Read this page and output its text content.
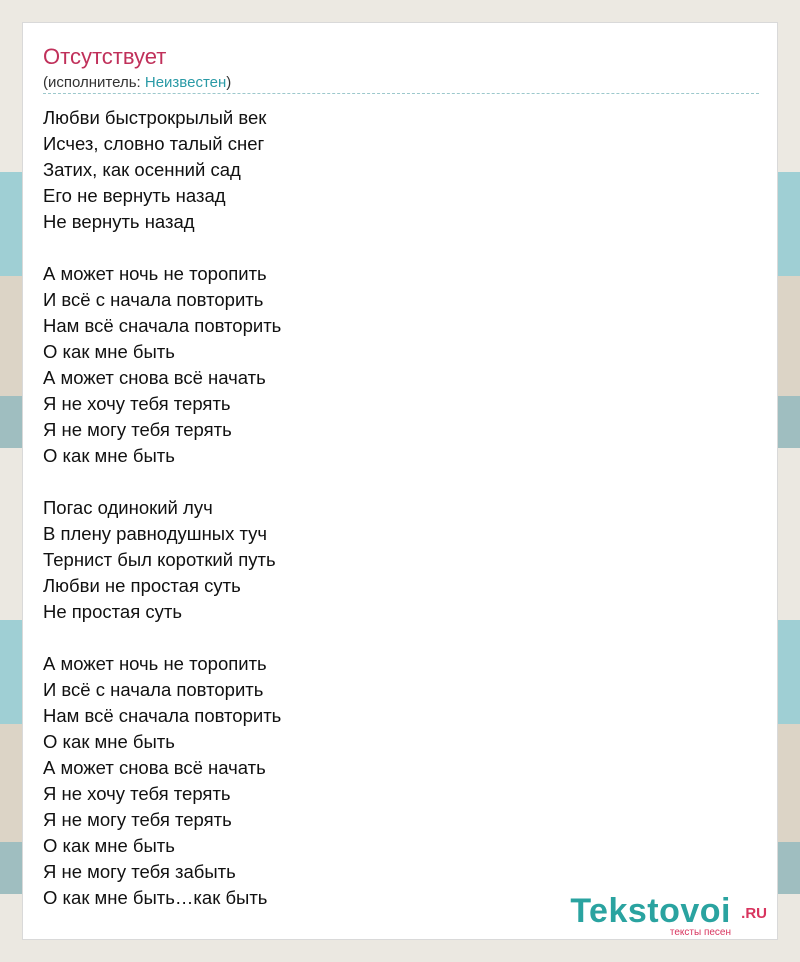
Отсутствует
(исполнитель: Неизвестен)
Любви быстрокрылый век
Исчез, словно талый снег
Затих, как осенний сад
Его не вернуть назад
Не вернуть назад
А может ночь не торопить
И всё с начала повторить
Нам всё сначала повторить
О как мне быть
А может снова всё начать
Я не хочу тебя терять
Я не могу тебя терять
О как мне быть
Погас одинокий луч
В плену равнодушных туч
Тернист был короткий путь
Любви не простая суть
Не простая суть
А может ночь не торопить
И всё с начала повторить
Нам всё сначала повторить
О как мне быть
А может снова всё начать
Я не хочу тебя терять
Я не могу тебя терять
О как мне быть
Я не могу тебя забыть
О как мне быть…как быть	Tekstovoi .RU
тексты песен
